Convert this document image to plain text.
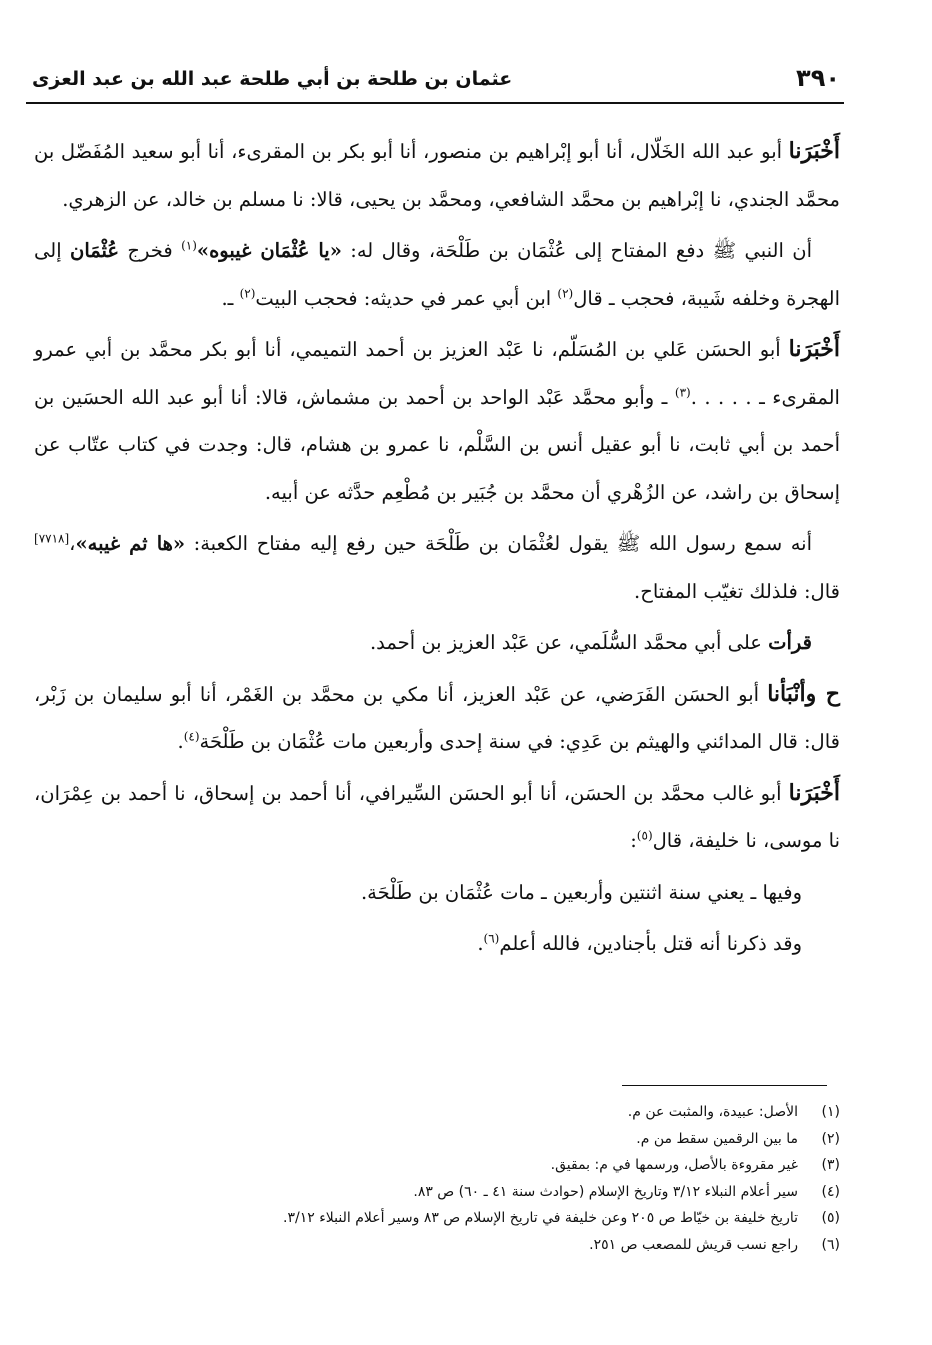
٣٩٠
عثمان بن طلحة بن أبي طلحة عبد الله بن عبد العزى

أَخْبَرَنا أبو عبد الله الخَلّال، أنا أبو إبْراهيم بن منصور، أنا أبو بكر بن المقرىء، أنا أبو سعيد المُفَضّل بن محمَّد الجندي، نا إبْراهيم بن محمَّد الشافعي، ومحمَّد بن يحيى، قالا: نا مسلم بن خالد، عن الزهري.

أن النبي ﷺ دفع المفتاح إلى عُثْمَان بن طَلْحَة، وقال له: «يا عُثْمَان غيبوه»$^{(١)}$ فخرج عُثْمَان إلى الهجرة وخلفه شَيبة، فحجب ـ قال$^{(٢)}$ ابن أبي عمر في حديثه: فحجب البيت$^{(٢)}$ ـ.

أَخْبَرَنا أبو الحسَن عَلي بن المُسَلّم، نا عَبْد العزيز بن أحمد التميمي، أنا أبو بكر محمَّد بن أبي عمرو المقرىء ـ . . . . .$^{(٣)}$ ـ وأبو محمَّد عَبْد الواحد بن أحمد بن مشماش، قالا: أنا أبو عبد الله الحسَين بن أحمد بن أبي ثابت، نا أبو عقيل أنس بن السَّلْم، نا عمرو بن هشام، قال: وجدت في كتاب عتّاب عن إسحاق بن راشد، عن الزُهْري أن محمَّد بن جُبَير بن مُطْعِم حدَّثه عن أبيه.

أنه سمع رسول الله ﷺ يقول لعُثْمَان بن طَلْحَة حين رفع إليه مفتاح الكعبة: «ها ثم غيبه»،[٧٧١٨] قال: فلذلك تغيّب المفتاح.

قرأت على أبي محمَّد السُّلَمي، عن عَبْد العزيز بن أحمد.

ح وأنْبَأنا أبو الحسَن الفَرَضي، عن عَبْد العزيز، أنا مكي بن محمَّد بن الغَمْر، أنا أبو سليمان بن زَبْر، قال: قال المدائني والهيثم بن عَدِي: في سنة إحدى وأربعين مات عُثْمَان بن طَلْحَة$^{(٤)}$.

أَخْبَرَنا أبو غالب محمَّد بن الحسَن، أنا أبو الحسَن السِّيرافي، أنا أحمد بن إسحاق، نا أحمد بن عِمْرَان، نا موسى، نا خليفة، قال$^{(٥)}$:

وفيها ـ يعني سنة اثنتين وأربعين ـ مات عُثْمَان بن طَلْحَة.

وقد ذكرنا أنه قتل بأجنادين، فالله أعلم$^{(٦)}$.

(١)
الأصل: عبيدة، والمثبت عن م.
(٢)
ما بين الرقمين سقط من م.
(٣)
غير مقروءة بالأصل، ورسمها في م: بمقيق.
(٤)
سير أعلام النبلاء ٣/١٢ وتاريخ الإسلام (حوادث سنة ٤١ ـ ٦٠) ص ٨٣.
(٥)
تاريخ خليفة بن خيّاط ص ٢٠٥ وعن خليفة في تاريخ الإسلام ص ٨٣ وسير أعلام النبلاء ٣/١٢.
(٦)
راجع نسب قريش للمصعب ص ٢٥١.
